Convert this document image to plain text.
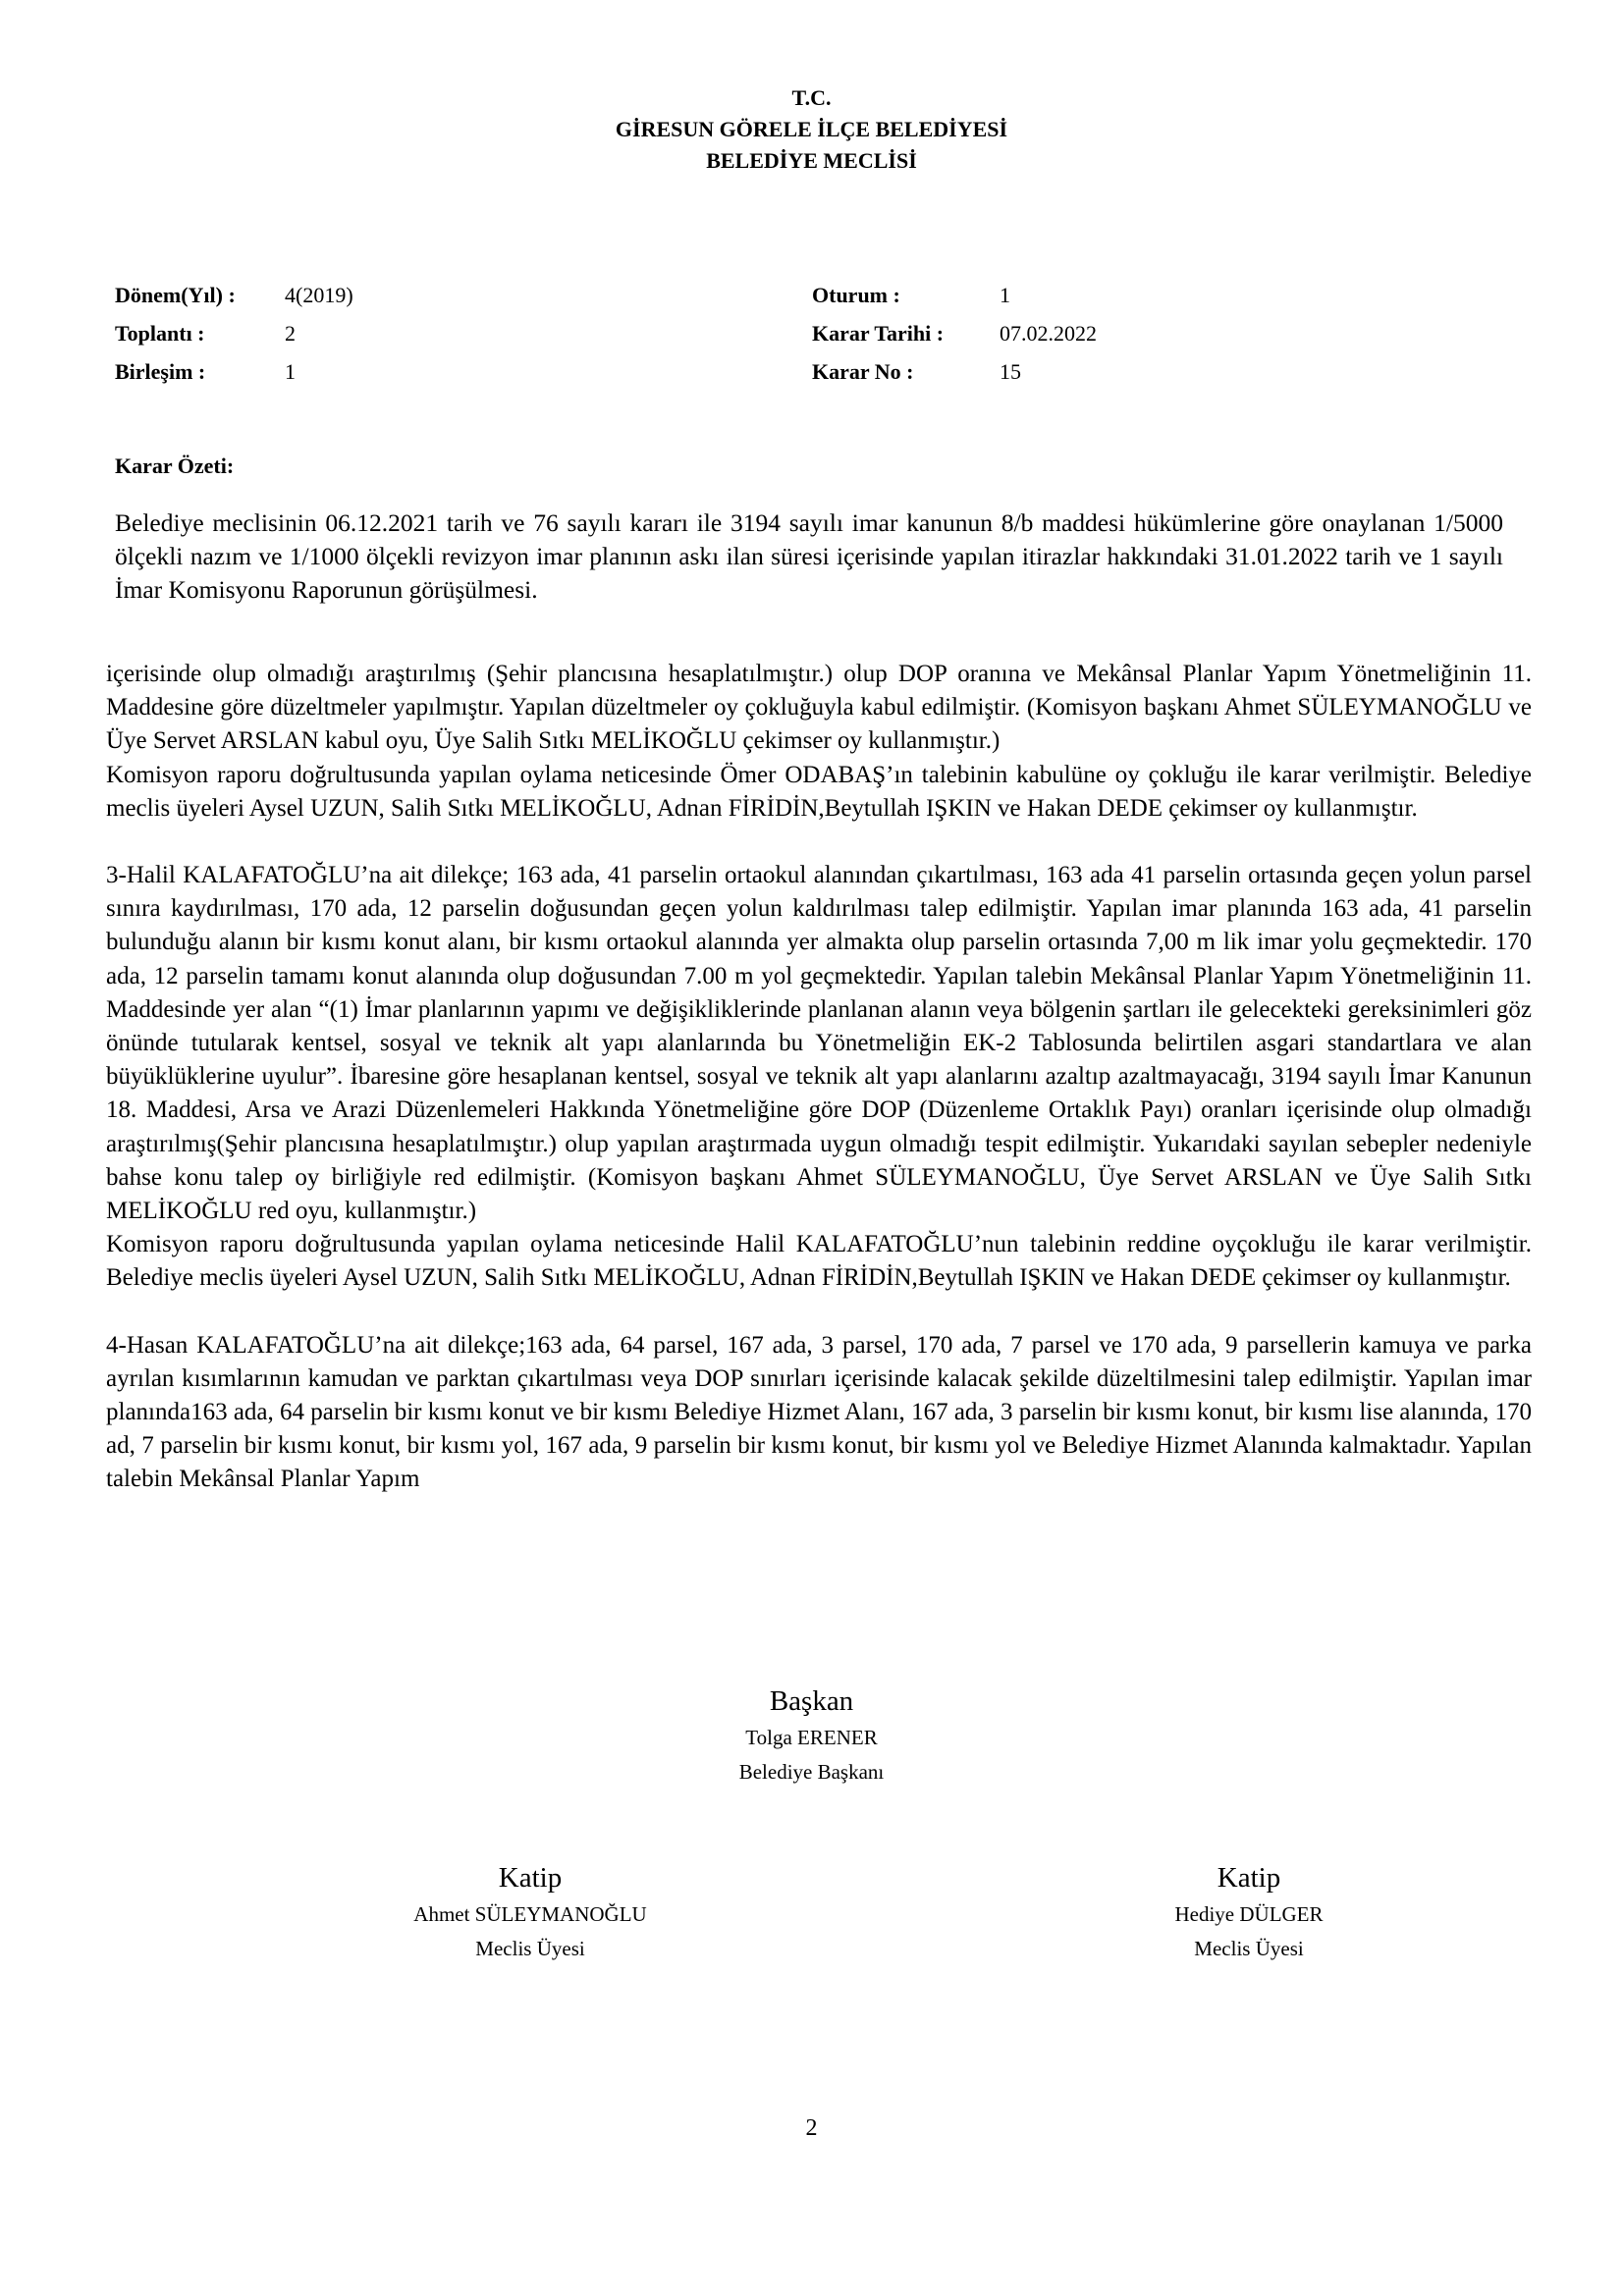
T.C.
GİRESUN GÖRELE İLÇE BELEDİYESİ
BELEDİYE MECLİSİ
Dönem(Yıl) : 4(2019)	Oturum :	1
Toplantı :	2	Karar Tarihi :	07.02.2022
Birleşim :	1	Karar No :	15
Karar Özeti:
Belediye meclisinin 06.12.2021 tarih ve 76 sayılı kararı ile 3194 sayılı imar kanunun 8/b maddesi hükümlerine göre onaylanan 1/5000 ölçekli nazım ve 1/1000 ölçekli revizyon imar planının askı ilan süresi içerisinde yapılan itirazlar hakkındaki 31.01.2022 tarih ve 1 sayılı İmar Komisyonu Raporunun görüşülmesi.

içerisinde olup olmadığı araştırılmış (Şehir plancısına hesaplatılmıştır.) olup DOP oranına ve Mekânsal Planlar Yapım Yönetmeliğinin 11. Maddesine göre düzeltmeler yapılmıştır. Yapılan düzeltmeler oy çokluğuyla kabul edilmiştir. (Komisyon başkanı Ahmet SÜLEYMANOĞLU ve Üye Servet ARSLAN kabul oyu, Üye Salih Sıtkı MELİKOĞLU çekimser oy kullanmıştır.)

Komisyon raporu doğrultusunda yapılan oylama neticesinde Ömer ODABAŞ’ın talebinin kabulüne oy çokluğu ile karar verilmiştir. Belediye meclis üyeleri Aysel UZUN, Salih Sıtkı MELİKOĞLU, Adnan FİRİDİN,Beytullah IŞKIN ve Hakan DEDE çekimser oy kullanmıştır.

3-Halil KALAFATOĞLU’na ait dilekçe; 163 ada, 41 parselin ortaokul alanından çıkartılması, 163 ada 41 parselin ortasında geçen yolun parsel sınıra kaydırılması, 170 ada, 12 parselin doğusundan geçen yolun kaldırılması talep edilmiştir. Yapılan imar planında 163 ada, 41 parselin bulunduğu alanın bir kısmı konut alanı, bir kısmı ortaokul alanında yer almakta olup parselin ortasında 7,00 m lik imar yolu geçmektedir. 170 ada, 12 parselin tamamı konut alanında olup doğusundan 7.00 m yol geçmektedir. Yapılan talebin Mekânsal Planlar Yapım Yönetmeliğinin 11. Maddesinde yer alan “(1) İmar planlarının yapımı ve değişikliklerinde planlanan alanın veya bölgenin şartları ile gelecekteki gereksinimleri göz önünde tutularak kentsel, sosyal ve teknik alt yapı alanlarında bu Yönetmeliğin EK-2 Tablosunda belirtilen asgari standartlara ve alan büyüklüklerine uyulur”. İbaresine göre hesaplanan kentsel, sosyal ve teknik alt yapı alanlarını azaltıp azaltmayacağı, 3194 sayılı İmar Kanunun 18. Maddesi, Arsa ve Arazi Düzenlemeleri Hakkında Yönetmeliğine göre DOP (Düzenleme Ortaklık Payı) oranları içerisinde olup olmadığı araştırılmış(Şehir plancısına hesaplatılmıştır.) olup yapılan araştırmada uygun olmadığı tespit edilmiştir. Yukarıdaki sayılan sebepler nedeniyle bahse konu talep oy birliğiyle red edilmiştir. (Komisyon başkanı Ahmet SÜLEYMANOĞLU, Üye Servet ARSLAN ve Üye Salih Sıtkı MELİKOĞLU red oyu, kullanmıştır.)

Komisyon raporu doğrultusunda yapılan oylama neticesinde Halil KALAFATOĞLU’nun talebinin reddine oyçokluğu ile karar verilmiştir. Belediye meclis üyeleri Aysel UZUN, Salih Sıtkı MELİKOĞLU, Adnan FİRİDİN,Beytullah IŞKIN ve Hakan DEDE çekimser oy kullanmıştır.

4-Hasan KALAFATOĞLU’na ait dilekçe;163 ada, 64 parsel, 167 ada, 3 parsel, 170 ada, 7 parsel ve 170 ada, 9 parsellerin kamuya ve parka ayrılan kısımlarının kamudan ve parktan çıkartılması veya DOP sınırları içerisinde kalacak şekilde düzeltilmesini talep edilmiştir. Yapılan imar planında163 ada, 64 parselin bir kısmı konut ve bir kısmı Belediye Hizmet Alanı, 167 ada, 3 parselin bir kısmı konut, bir kısmı lise alanında, 170 ad, 7 parselin bir kısmı konut, bir kısmı yol, 167 ada, 9 parselin bir kısmı konut, bir kısmı yol ve Belediye Hizmet Alanında kalmaktadır. Yapılan talebin Mekânsal Planlar Yapım

Başkan
Tolga ERENER
Belediye Başkanı
Katip
Ahmet SÜLEYMANOĞLU
Meclis Üyesi
Katip
Hediye DÜLGER
Meclis Üyesi
2
